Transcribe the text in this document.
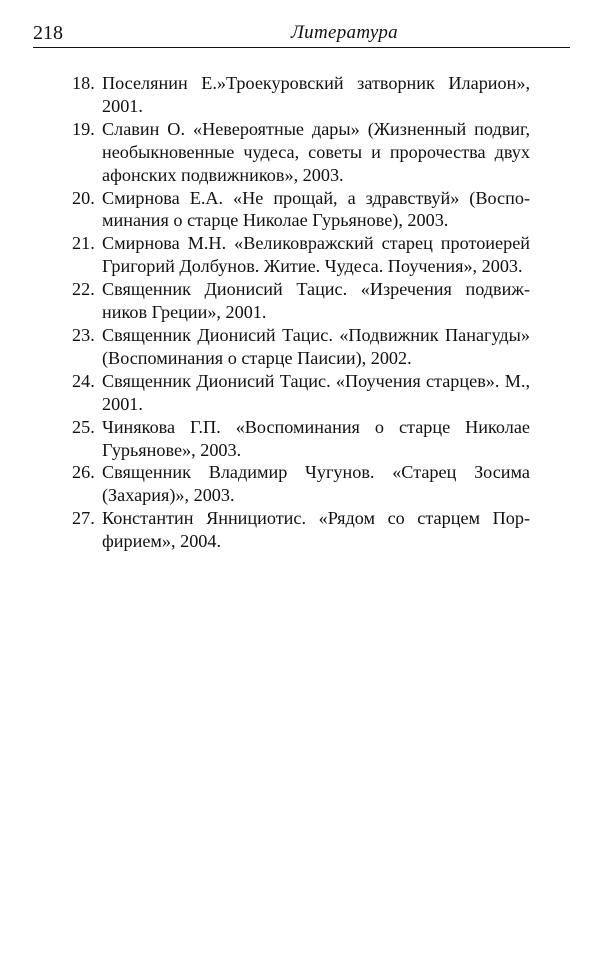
218	Литература
18. Поселянин Е.»Троекуровский затворник Иларион», 2001.
19. Славин О. «Невероятные дары» (Жизненный подвиг, необыкновенные чудеса, советы и пророчества двух афонских подвижников», 2003.
20. Смирнова Е.А. «Не прощай, а здравствуй» (Воспоминания о старце Николае Гурьянове), 2003.
21. Смирнова М.Н. «Великовражский старец протоиерей Григорий Долбунов. Житие. Чудеса. Поучения», 2003.
22. Священник Дионисий Тацис. «Изречения подвижников Греции», 2001.
23. Священник Дионисий Тацис. «Подвижник Панагуды» (Воспоминания о старце Паисии), 2002.
24. Священник Дионисий Тацис. «Поучения старцев». М., 2001.
25. Чинякова Г.П. «Воспоминания о старце Николае Гурьянове», 2003.
26. Священник Владимир Чугунов. «Старец Зосима (Захария)», 2003.
27. Константин Яннициотис. «Рядом со старцем Порфирием», 2004.
